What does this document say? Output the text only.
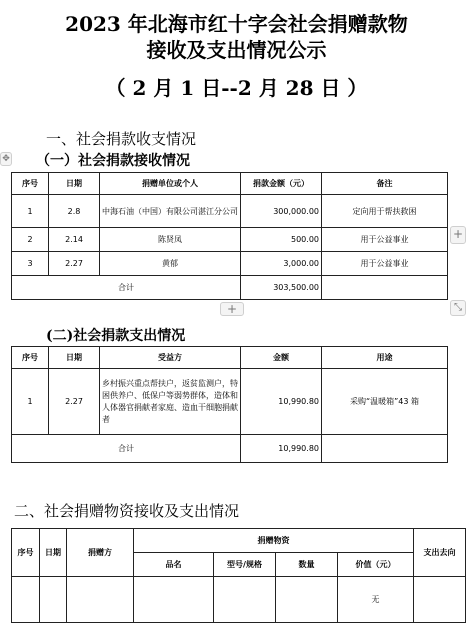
2023 年北海市红十字会社会捐赠款物
接收及支出情况公示
（ 2 月 1 日--2 月 28 日 ）
一、社会捐款收支情况
（一）社会捐款接收情况
✥
序号	日期	捐赠单位或个人	捐款金额（元）	备注
1	2.8	中海石油（中国）有限公司湛江分公司	300,000.00	定向用于帮扶救困
2	2.14	陈贤凤	500.00	用于公益事业
3	2.27	黄郁	3,000.00	用于公益事业
合计			303,500.00	
+
+	⤡
(二)社会捐款支出情况
序号	日期	受益方	金额	用途
1	2.27	乡村振兴重点帮扶户，返贫监测户，特困供养户、低保户等弱势群体，造体和人体器官捐献者家庭、造血干细胞捐献者	10,990.80	采购“温暖箱”43 箱
合计			10,990.80	
二、社会捐赠物资接收及支出情况
序号	日期	捐赠方	捐赠物资				支出去向
			品名	型号/规格	数量	价值（元）	
						无	
